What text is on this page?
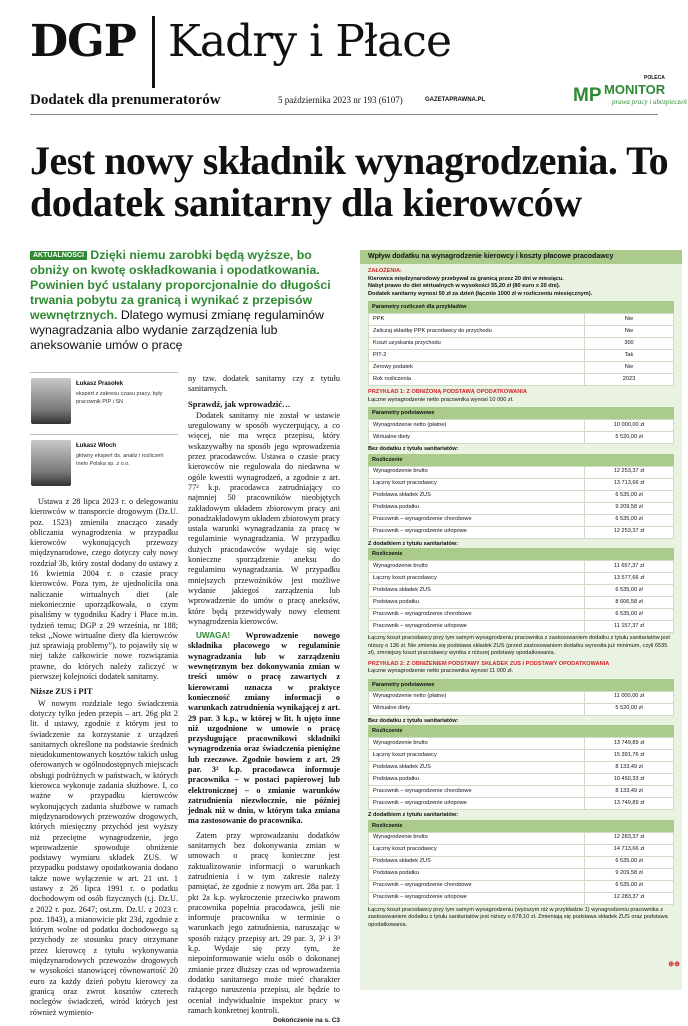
DGP Kadry i Płace
Dodatek dla prenumeratorów	5 października 2023 nr 193 (6107)	GAZETAPRAWNA.PL
POLECA
MP MONITOR
prawa pracy i ubezpieczeń
Jest nowy składnik wynagrodzenia. To dodatek sanitarny dla kierowców
AKTUALNOŚCI Dzięki niemu zarobki będą wyższe, bo obniży on kwotę oskładkowania i opodatkowania. Powinien być ustalany proporcjonalnie do długości trwania pobytu za granicą i wynikać z przepisów wewnętrznych. Dlatego wymusi zmianę regulaminów wynagradzania albo wydanie zarządzenia lub aneksowanie umów o pracę
Łukasz Prasołek
ekspert z zakresu czasu pracy, były pracownik PIP i SN
Łukasz Włoch
główny ekspert ds. analiz i rozliczeń Inelo Polska sp. z o.o.

Ustawa z 28 lipca 2023 r. o delegowaniu kierowców w transporcie drogowym (Dz.U. poz. 1523) zmieniła znacząco zasady obliczania wynagrodzenia w przypadku kierowców wykonujących przewozy międzynarodowe, czego dotyczy cały nowy rozdział 3b, który został dodany do ustawy z 16 kwietnia 2004 r. o czasie pracy kierowców. Poza tym, że ujednoliciła ona naliczanie wirtualnych diet (ale niekoniecznie uporządkowała, o czym pisaliśmy w tygodniku Kadry i Płace m.in. tydzień temu; DGP z 29 września, nr 188; tekst „Nowe wirtualne diety dla kierowców już sprawiają problemy”), to pojawiły się w niej także całkowicie nowe rozwiązania prawne, do których należy zaliczyć w pierwszej kolejności dodatek sanitarny.

Niższe ZUS i PIT

W nowym rozdziale tego świadczenia dotyczy tylko jeden przepis – art. 26g pkt 2 lit. d ustawy, zgodnie z którym jest to świadczenie za korzystanie z urządzeń sanitarnych określone na podstawie średnich nieudokumentowanych kosztów takich usług oferowanych w ogólnodostępnych miejscach obsługi podróżnych w państwach, w których kierowca wykonuje zadania służbowe. I, co ważne w przypadku kierowców wykonujących zadania służbowe w ramach międzynarodowych przewozów drogowych, których miesięczny przychód jest wyższy niż przeciętne wynagrodzenie, jego wprowadzenie spowoduje obniżenie podstawy wymiaru składek ZUS. W przypadku podstawy opodatkowania dodano także nowe wyłączenie w art. 21 ust. 1 ustawy z 26 lipca 1991 r. o podatku dochodowym od osób fizycznych (t.j. Dz.U. z 2022 r. poz. 2647; ost.zm. Dz.U. z 2023 r. poz. 1843), a mianowicie pkt 23d, zgodnie z którym wolne od podatku dochodowego są przychody ze stosunku pracy otrzymane przez kierowcę z tytułu wykonywania międzynarodowych przewozów drogowych w wysokości stanowiącej równowartość 20 euro za każdy dzień pobytu kierowcy za granicą oraz zwrot kosztów czterech noclegów świadczeń, wiród których jest również wymienio-

ny tzw. dodatek sanitarny czy z tytułu sanitarnych.

Sprawdź, jak wprowadzić…

Dodatek sanitarny nie został w ustawie uregulowany w sposób wyczerpujący, a co więcej, nie ma wręcz przepisu, który wskazywałby na sposób jego wprowadzenia przez pracodawców. Ustawa o czasie pracy kierowców nie regulowała do niedawna w ogóle kwestii wynagrodzeń, a zgodnie z art. 77² k.p. pracodawca zatrudniający co najmniej 50 pracowników nieobjętych zakładowym układem zbiorowym pracy ani ponadzakładowym układem zbiorowym pracy ustala warunki wynagradzania za pracę w regulaminie wynagradzania. W przypadku dużych pracodawców wydaje się więc konieczne sporządzenie aneksu do regulaminu wynagradzania. W przypadku mniejszych przewoźników jest możliwe wydanie jakiegoś zarządzenia lub wprowadzenie do umów o pracę aneksów, które będą przewidywały nowy element wynagrodzenia kierowców.

UWAGA! Wprowadzenie nowego składnika płacowego w regulaminie wynagradzania lub w zarządzeniu wewnętrznym bez dokonywania zmian w treści umów o pracę zawartych z kierowcami oznacza w praktyce konieczność zmiany informacji o warunkach zatrudnienia wynikającej z art. 29 par. 3 k.p., w której w lit. h ujęto inne niż uzgodnione w umowie o pracę przysługujące pracownikowi składniki wynagrodzenia oraz świadczenia pieniężne lub rzeczowe. Zgodnie bowiem z art. 29 par. 3² k.p. pracodawca informuje pracownika – w postaci papierowej lub elektronicznej – o zmianie warunków zatrudnienia niezwłocznie, nie później jednak niż w dniu, w którym taka zmiana ma zastosowanie do pracownika.

Zatem przy wprowadzaniu dodatków sanitarnych bez dokonywania zmian w umowach o pracę konieczne jest zaktualizowanie informacji o warunkach zatrudnienia i w tym zakresie należy pamiętać, że zgodnie z nowym art. 28a par. 1 pkt 2a k.p. wykroczenie przeciwko prawom pracownika popełnia pracodawca, jeśli nie informuje pracownika w terminie o warunkach jego zatrudnienia, naruszając w sposób rażący przepisy art. 29 par. 3, 3² i 3³ k.p. Wydaje się przy tym, że niepoinformowanie wielu osób o dokonanej zmianie przez dłuższy czas od wprowadzenia dodatku sanitarnego może mieć charakter rażącego naruszenia przepisu, ale będzie to oceniał indywidualnie inspektor pracy w ramach konkretnej kontroli.

Dokończenie na s. C3
Wpływ dodatku na wynagrodzenie kierowcy i koszty płacowe pracodawcy
ZAŁOŻENIA:
Kierowca międzynarodowy przebywał za granicą przez 20 dni w miesiącu.
Nabył prawo do diet wirtualnych w wysokości 55,20 zł (80 euro x 20 dni).
Dodatek sanitarny wynosi 50 zł za dzień (łącznie 1000 zł w rozliczeniu miesięcznym).
Parametry rozliczeń dla przykładów
PPK	Nie
Zaliczaj składkę PPK pracodawcy do przychodu	Nie
Koszt uzyskania przychodu	300
PIT-2	Tak
Zerowy podatek	Nie
Rok rozliczenia	2023
PRZYKŁAD 1: Z OBNIŻONĄ PODSTAWĄ OPODATKOWANIA
Łączne wynagrodzenie netto pracownika wynosi 10 000 zł.
Parametry podstawowe
Wynagrodzenie netto (płatne)	10 000,00 zł
Wirtualne diety	5 520,00 zł
Bez dodatku z tytułu sanitariatów:
Rozliczenie
Wynagrodzenie brutto	12 253,37 zł
Łączny koszt pracodawcy	13 713,66 zł
Podstawa składek ZUS	6 535,00 zł
Podstawa podatku	9 209,58 zł
Pracownik – wynagrodzenie chorobowe	6 535,00 zł
Pracownik – wynagrodzenie urlopowe	12 253,37 zł
Z dodatkiem z tytułu sanitariatów:
Rozliczenie
Wynagrodzenie brutto	11 657,37 zł
Łączny koszt pracodawcy	13 577,66 zł
Podstawa składek ZUS	6 535,00 zł
Podstawa podatku	8 606,58 zł
Pracownik – wynagrodzenie chorobowe	6 535,00 zł
Pracownik – wynagrodzenie urlopowe	11 157,37 zł
Łączny koszt pracodawcy przy tym samym wynagrodzeniu pracownika z zastosowaniem dodatku z tytułu sanitariatów jest niższy o 136 zł. Nie zmienia się podstawa składek ZUS (przed zastosowaniem dodatku wynosiła już minimum, czyli 6535 zł), zmniejszy koszt pracodawcy wynika z niższej podstawy opodatkowania.
PRZYKŁAD 2: Z OBNIŻENIEM PODSTAWY SKŁADEK ZUS I PODSTAWY OPODATKOWANIA
Łączne wynagrodzenie netto pracownika wynosi 11 000 zł.
Parametry podstawowe
Wynagrodzenie netto (płatne)	11 000,00 zł
Wirtualne diety	5 520,00 zł
Bez dodatku z tytułu sanitariatów:
Rozliczenie
Wynagrodzenie brutto	13 749,89 zł
Łączny koszt pracodawcy	15 391,76 zł
Podstawa składek ZUS	8 133,49 zł
Podstawa podatku	10 450,33 zł
Pracownik – wynagrodzenie chorobowe	8 133,49 zł
Pracownik – wynagrodzenie urlopowe	13 749,89 zł
Z dodatkiem z tytułu sanitariatów:
Rozliczenie
Wynagrodzenie brutto	12 283,37 zł
Łączny koszt pracodawcy	14 713,66 zł
Podstawa składek ZUS	6 535,00 zł
Podstawa podatku	9 209,58 zł
Pracownik – wynagrodzenie chorobowe	6 535,00 zł
Pracownik – wynagrodzenie urlopowe	12 283,37 zł
Łączny koszt pracodawcy przy tym samym wynagrodzeniu (wyższym niż w przykładzie 1) wynagrodzeniu pracownika z zastosowaniem dodatku z tytułu sanitariatów jest niższy o 678,10 zł. Zmieniają się podstawa składek ZUS oraz podstawa opodatkowania.
⊕⊕
